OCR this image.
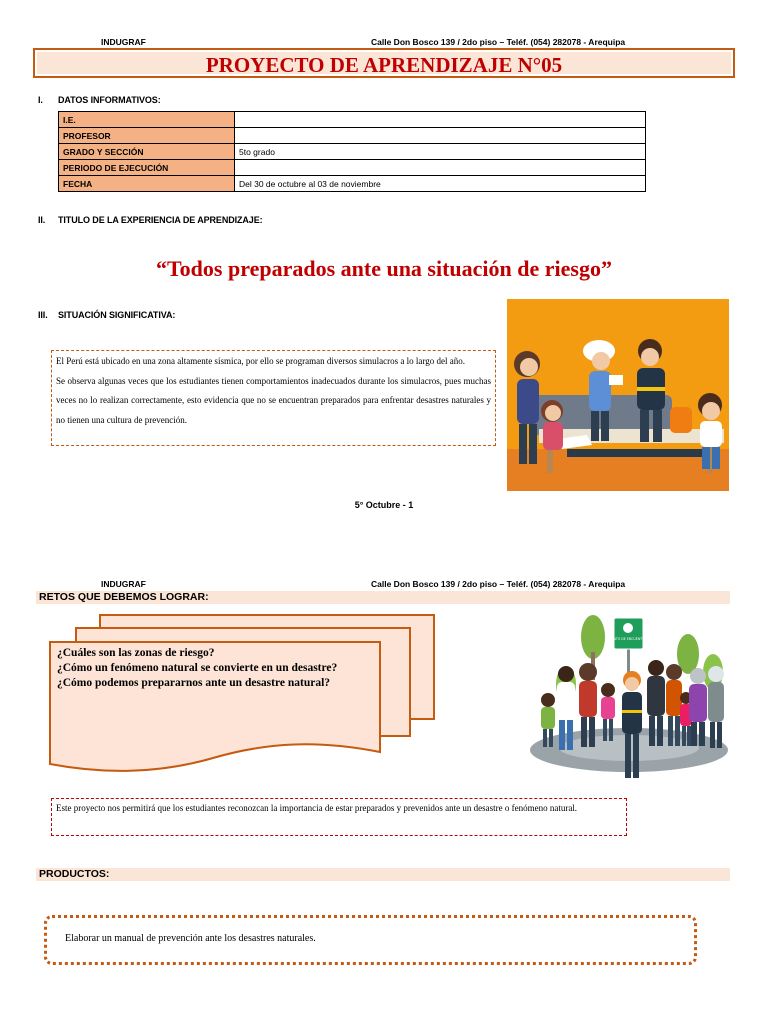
INDUGRAF	Calle Don Bosco 139 / 2do piso – Teléf. (054) 282078 - Arequipa
PROYECTO DE APRENDIZAJE N°05
I. DATOS INFORMATIVOS:
I.E.	
PROFESOR	
GRADO Y SECCIÓN	5to grado
PERIODO DE EJECUCIÓN	
FECHA	Del 30 de octubre al 03 de noviembre
II. TITULO DE LA EXPERIENCIA DE APRENDIZAJE:
“Todos preparados ante una situación de riesgo”
III. SITUACIÓN SIGNIFICATIVA:

El Perú está ubicado en una zona altamente sísmica, por ello se programan diversos simulacros a lo largo del año.

Se observa algunas veces que los estudiantes tienen comportamientos inadecuados durante los simulacros, pues muchas veces no lo realizan correctamente, esto evidencia que no se encuentran preparados para enfrentar desastres naturales y no tienen una cultura de prevención.

5° Octubre - 1
INDUGRAF	Calle Don Bosco 139 / 2do piso – Teléf. (054) 282078 - Arequipa
RETOS QUE DEBEMOS LOGRAR:
¿Cuáles son las zonas de riesgo?
¿Cómo un fenómeno natural se convierte en un desastre?
¿Cómo podemos prepararnos ante un desastre natural?
PUNTO DE ENCUENTRO
Este proyecto nos permitirá que los estudiantes reconozcan la importancia de estar preparados y prevenidos ante un desastre o fenómeno natural.
PRODUCTOS:
Elaborar un manual de prevención ante los desastres naturales.
